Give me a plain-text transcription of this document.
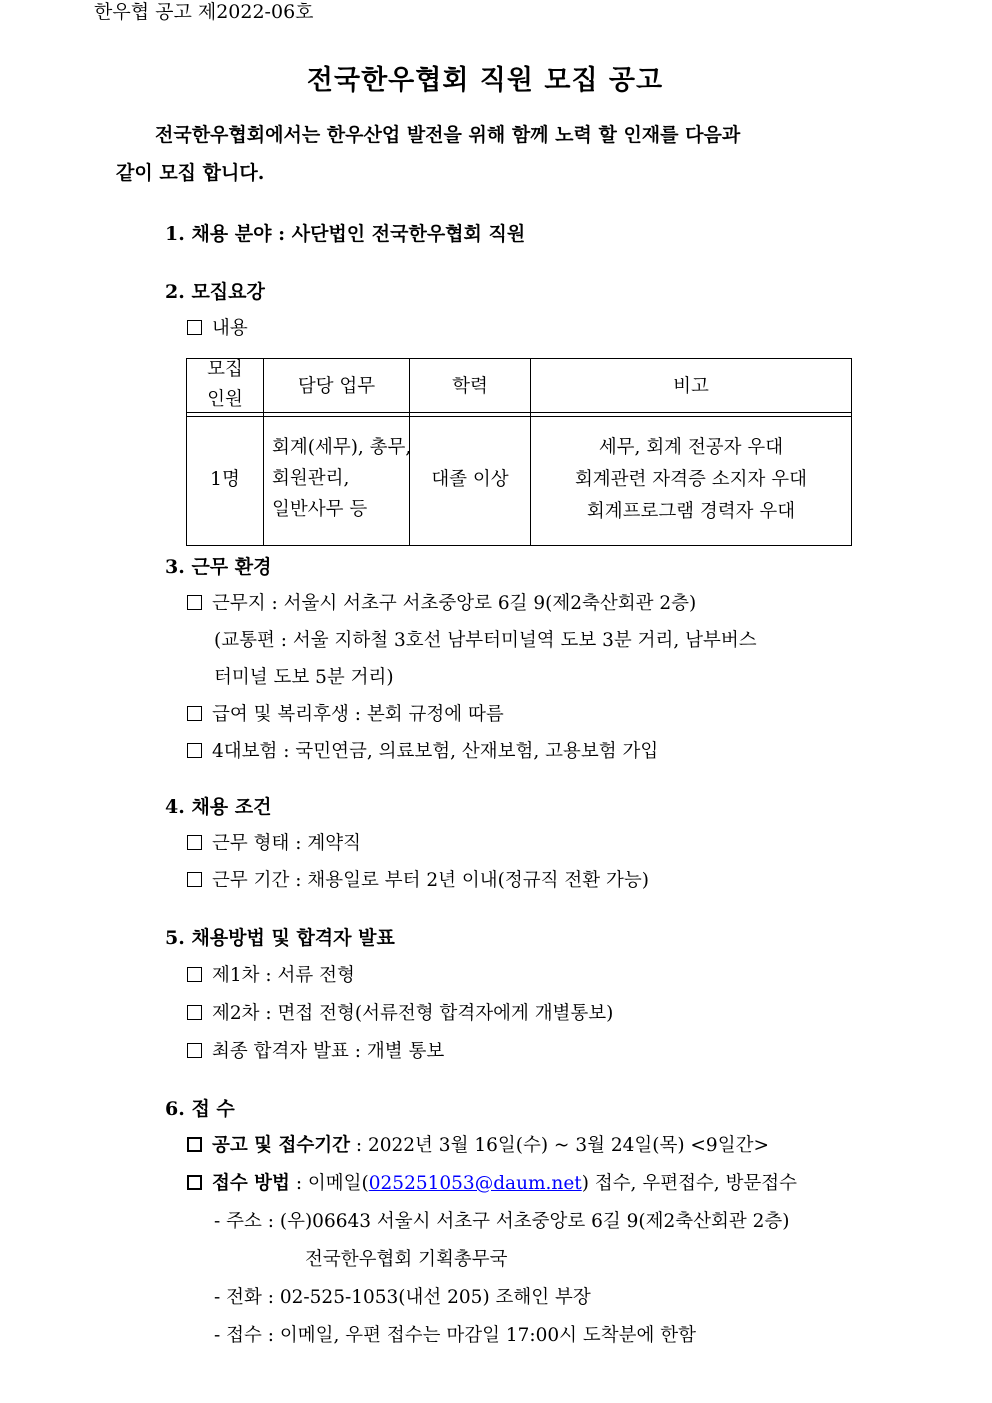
한우협 공고 제2022-06호
전국한우협회 직원 모집 공고
전국한우협회에서는 한우산업 발전을 위해 함께 노력 할 인재를 다음과
같이 모집 합니다.
1. 채용 분야 : 사단법인 전국한우협회 직원
2. 모집요강
내용
모집
인원
담당 업무	학력	비고
1명
회계(세무), 총무,
회원관리,
일반사무 등
대졸 이상
세무, 회계 전공자 우대
회계관련 자격증 소지자 우대
회계프로그램 경력자 우대
3. 근무 환경
근무지 : 서울시 서초구 서초중앙로 6길 9(제2축산회관 2층)
(교통편 : 서울 지하철 3호선 남부터미널역 도보 3분 거리, 남부버스
터미널 도보 5분 거리)
급여 및 복리후생 : 본회 규정에 따름
4대보험 : 국민연금, 의료보험, 산재보험, 고용보험 가입
4. 채용 조건
근무 형태 : 계약직
근무 기간 : 채용일로 부터 2년 이내(정규직 전환 가능)
5. 채용방법 및 합격자 발표
제1차 : 서류 전형
제2차 : 면접 전형(서류전형 합격자에게 개별통보)
최종 합격자 발표 : 개별 통보
6. 접 수
공고 및 접수기간 : 2022년 3월 16일(수) ~ 3월 24일(목) <9일간>
접수 방법 : 이메일(025251053@daum.net) 접수, 우편접수, 방문접수
- 주소 : (우)06643 서울시 서초구 서초중앙로 6길 9(제2축산회관 2층)
전국한우협회 기획총무국
- 전화 : 02-525-1053(내선 205) 조해인 부장
- 접수 : 이메일, 우편 접수는 마감일 17:00시 도착분에 한함
